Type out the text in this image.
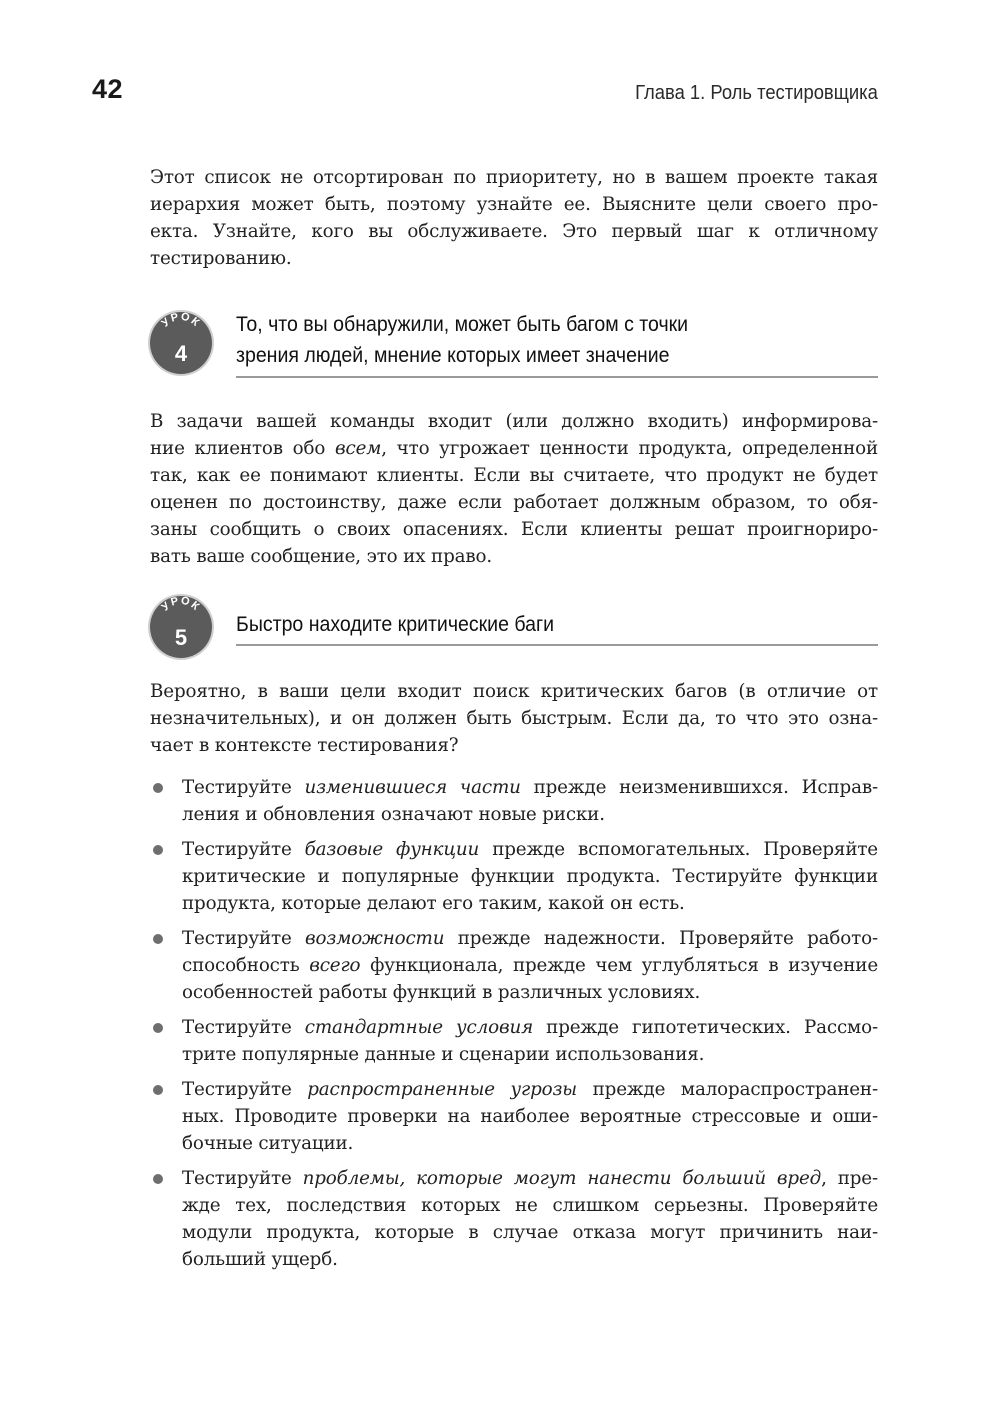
42	Глава 1. Роль тестировщика

Этот список не отсортирован по приоритету, но в вашем проекте такая
иерархия может быть, поэтому узнайте ее. Выясните цели своего про-
екта. Узнайте, кого вы обслуживаете. Это первый шаг к отличному
тестированию.

УРОК
4
То, что вы обнаружили, может быть багом с точки
зрения людей, мнение которых имеет значение

В задачи вашей команды входит (или должно входить) информирова-
ние клиентов обо всем, что угрожает ценности продукта, определенной
так, как ее понимают клиенты. Если вы считаете, что продукт не будет
оценен по достоинству, даже если работает должным образом, то обя-
заны сообщить о своих опасениях. Если клиенты решат проигнориро-
вать ваше сообщение, это их право.

УРОК
5
Быстро находите критические баги

Вероятно, в ваши цели входит поиск критических багов (в отличие от
незначительных), и он должен быть быстрым. Если да, то что это озна-
чает в контексте тестирования?

Тестируйте изменившиеся части прежде неизменившихся. Исправ-
ления и обновления означают новые риски.
Тестируйте базовые функции прежде вспомогательных. Проверяйте
критические и популярные функции продукта. Тестируйте функции
продукта, которые делают его таким, какой он есть.
Тестируйте возможности прежде надежности. Проверяйте работо-
способность всего функционала, прежде чем углубляться в изучение
особенностей работы функций в различных условиях.
Тестируйте стандартные условия прежде гипотетических. Рассмо-
трите популярные данные и сценарии использования.
Тестируйте распространенные угрозы прежде малораспространен-
ных. Проводите проверки на наиболее вероятные стрессовые и оши-
бочные ситуации.
Тестируйте проблемы, которые могут нанести больший вред, пре-
жде тех, последствия которых не слишком серьезны. Проверяйте
модули продукта, которые в случае отказа могут причинить наи-
больший ущерб.
